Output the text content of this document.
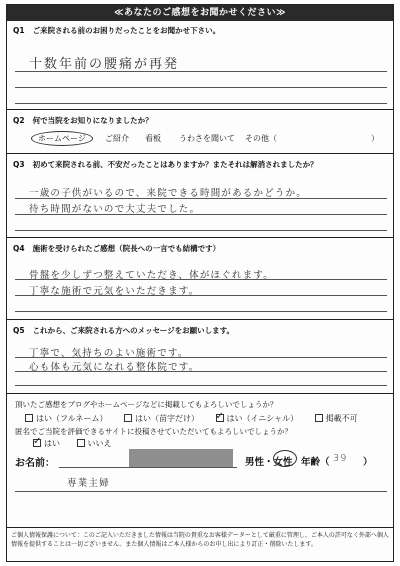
≪あなたのご感想をお聞かせください≫
Q1 ご来院される前のお困りだったことをお聞かせ下さい。
十数年前の腰痛が再発
Q2 何で当院をお知りになりましたか？
ホームページ	ご紹介 看板 うわさを聞いて その他（	）
Q3 初めて来院される前、不安だったことはありますか？またそれは解消されましたか？
一歳の子供がいるので、来院できる時間があるかどうか。
待ち時間がないので大丈夫でした。
Q4 施術を受けられたご感想（院長への一言でも結構です）
骨盤を少しずつ整えていただき、体がほぐれます。
丁寧な施術で元気をいただきます。
Q5 これから、ご来院される方へのメッセージをお願いします。
丁寧で、気持ちのよい施術です。
心も体も元気になれる整体院です。
頂いたご感想をブログやホームページなどに掲載してもよろしいでしょうか？
はい（フルネーム）	はい（苗字だけ） ✓	はい（イニシャル）	掲載不可
匿名でご当院を評価できるサイトに投稿させていただいてもよろしいでしょうか？
✓はい	いいえ
お名前：	男性・女性 年齢（ 39 ）
専業主婦
ご個人情報保護について：このご記入いただきました情報は当院の貴重なお客様データーとして厳重に管理し、ご本人の許可なく外部へ個人情報を提供することは一切ございません。また個人情報はご本人様からのお申し出により訂正・削除いたします。
